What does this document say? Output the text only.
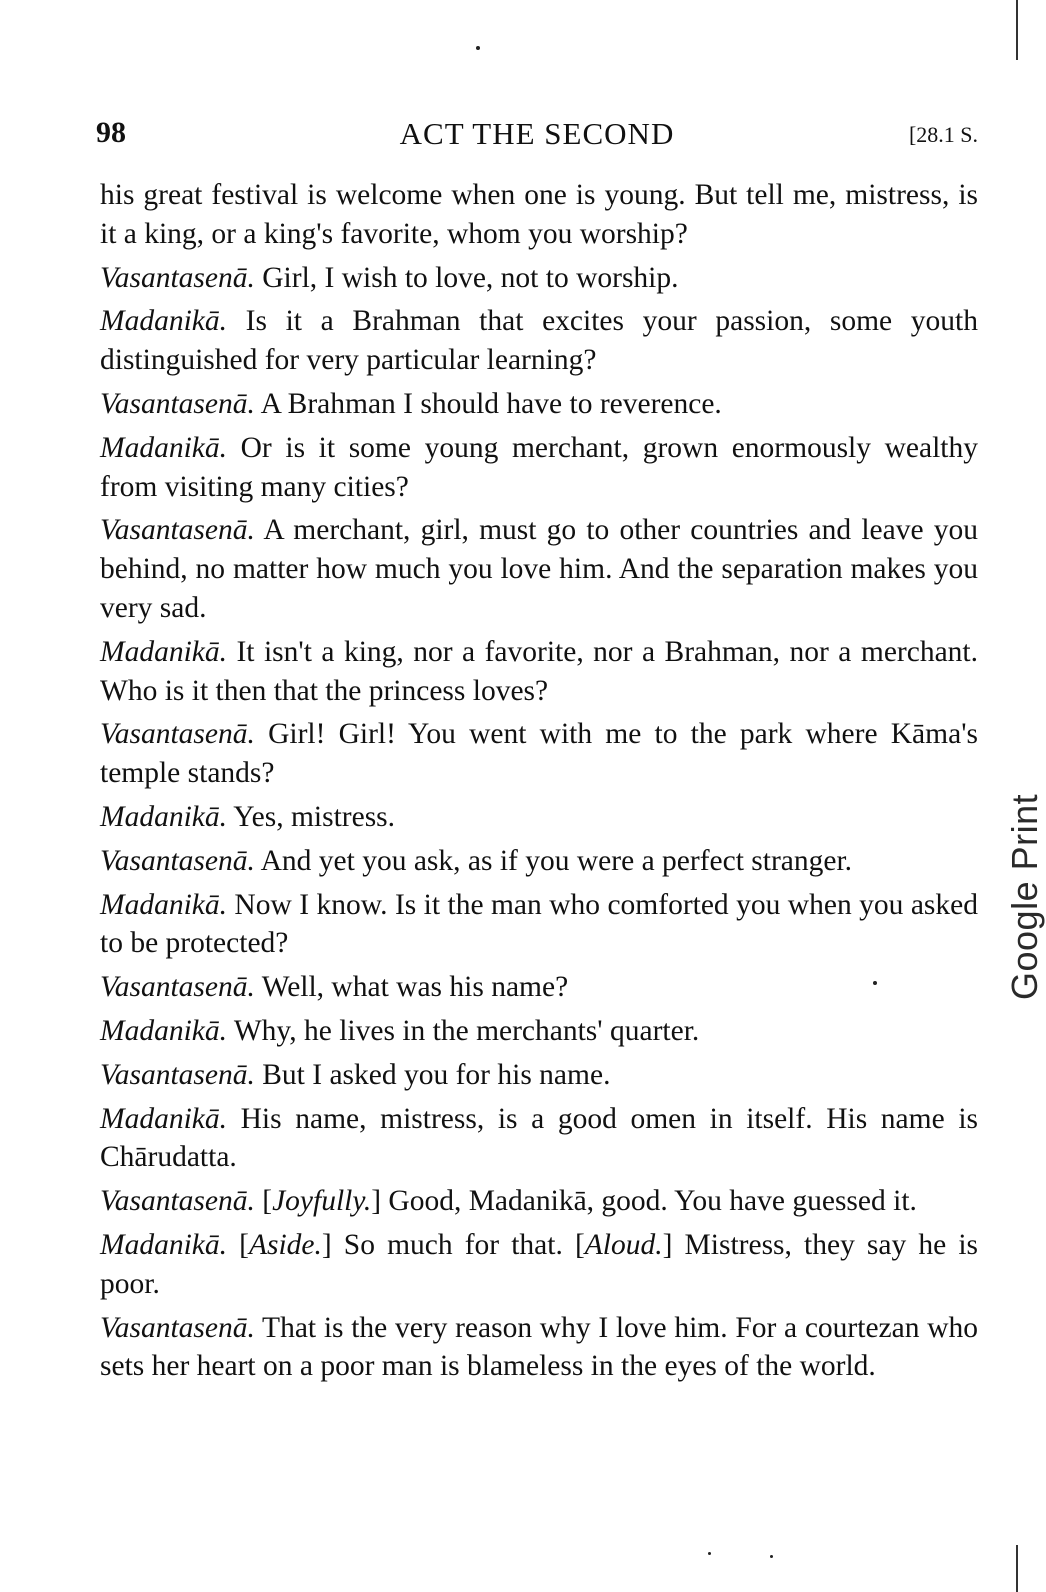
98	ACT THE SECOND	[28.1 S.

his great festival is welcome when one is young. But tell me, mistress, is it a king, or a king's favorite, whom you worship?

Vasantasenā. Girl, I wish to love, not to worship.

Madanikā. Is it a Brahman that excites your passion, some youth distinguished for very particular learning?

Vasantasenā. A Brahman I should have to reverence.

Madanikā. Or is it some young merchant, grown enormously wealthy from visiting many cities?

Vasantasenā. A merchant, girl, must go to other countries and leave you behind, no matter how much you love him. And the separation makes you very sad.

Madanikā. It isn't a king, nor a favorite, nor a Brahman, nor a merchant. Who is it then that the princess loves?

Vasantasenā. Girl! Girl! You went with me to the park where Kāma's temple stands?

Madanikā. Yes, mistress.

Vasantasenā. And yet you ask, as if you were a perfect stranger.

Madanikā. Now I know. Is it the man who comforted you when you asked to be protected?

Vasantasenā. Well, what was his name?

Madanikā. Why, he lives in the merchants' quarter.

Vasantasenā. But I asked you for his name.

Madanikā. His name, mistress, is a good omen in itself. His name is Chārudatta.

Vasantasenā. [Joyfully.] Good, Madanikā, good. You have guessed it.

Madanikā. [Aside.] So much for that. [Aloud.] Mistress, they say he is poor.

Vasantasenā. That is the very reason why I love him. For a courtezan who sets her heart on a poor man is blameless in the eyes of the world.

Google Print
